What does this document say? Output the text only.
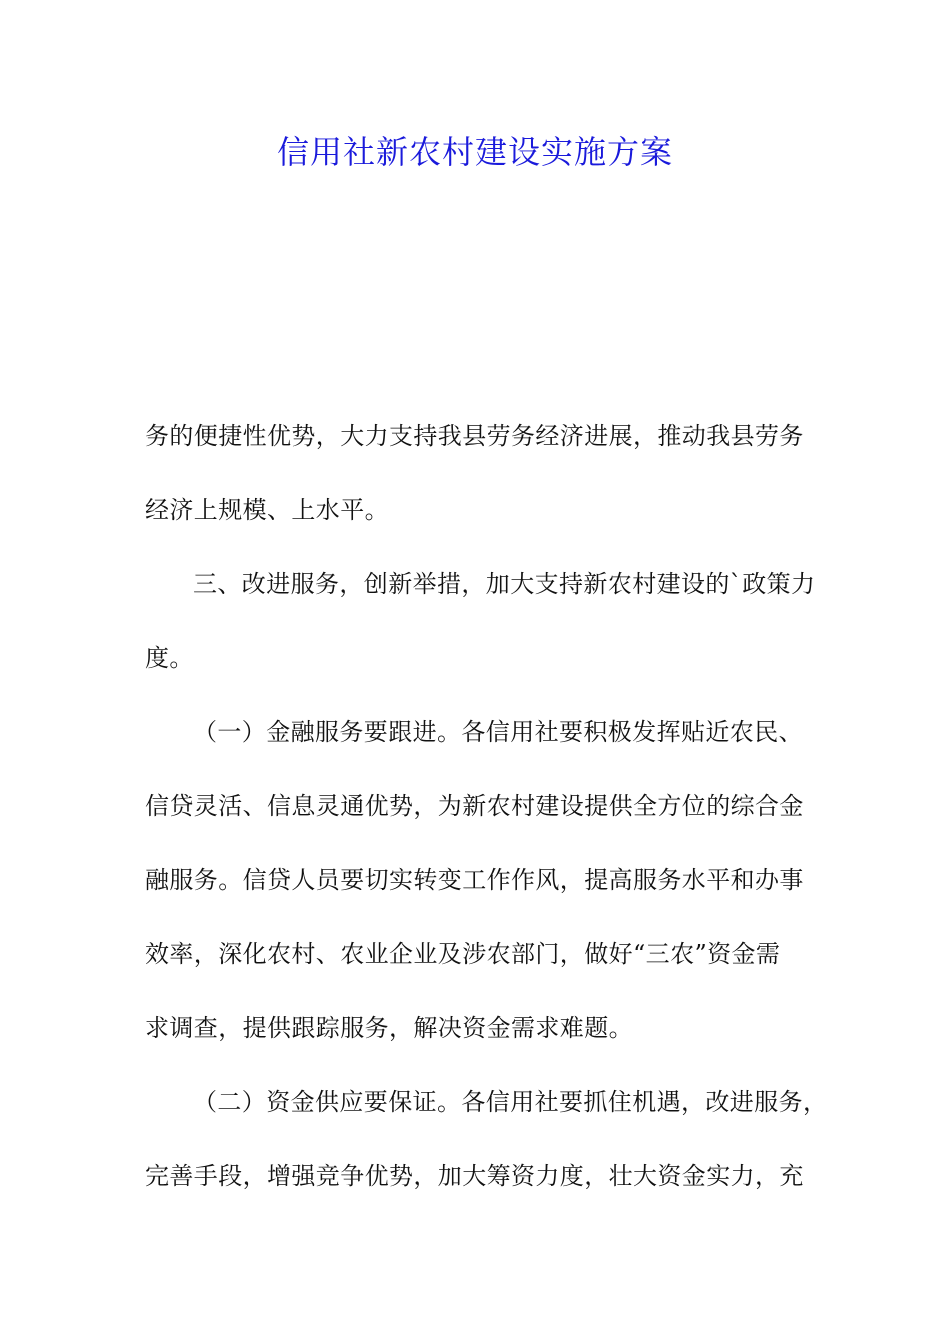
信用社新农村建设实施方案
务的便捷性优势，大力支持我县劳务经济进展，推动我县劳务
经济上规模、上水平。
三、改进服务，创新举措，加大支持新农村建设的`政策力
度。
（一）金融服务要跟进。各信用社要积极发挥贴近农民、
信贷灵活、信息灵通优势，为新农村建设提供全方位的综合金
融服务。信贷人员要切实转变工作作风，提高服务水平和办事
效率，深化农村、农业企业及涉农部门，做好“三农”资金需
求调查，提供跟踪服务，解决资金需求难题。
（二）资金供应要保证。各信用社要抓住机遇，改进服务，
完善手段，增强竞争优势，加大筹资力度，壮大资金实力，充
